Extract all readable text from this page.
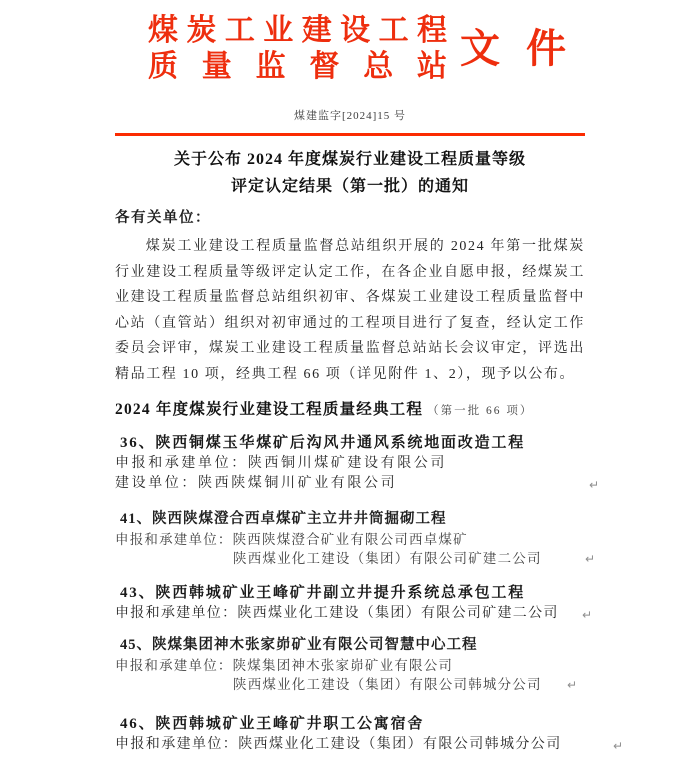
煤炭工业建设工程
质 量 监 督 总 站 文 件
煤建监字[2024]15 号
关于公布 2024 年度煤炭行业建设工程质量等级
评定认定结果（第一批）的通知
各有关单位：
煤炭工业建设工程质量监督总站组织开展的 2024 年第一批煤炭行业建设工程质量等级评定认定工作，在各企业自愿申报，经煤炭工业建设工程质量监督总站组织初审、各煤炭工业建设工程质量监督中心站（直管站）组织对初审通过的工程项目进行了复查，经认定工作委员会评审，煤炭工业建设工程质量监督总站站长会议审定，评选出精品工程 10 项，经典工程 66 项（详见附件 1、2），现予以公布。
2024 年度煤炭行业建设工程质量经典工程 （第一批 66 项）
36、陕西铜煤玉华煤矿后沟风井通风系统地面改造工程
申报和承建单位：陕西铜川煤矿建设有限公司
建设单位：陕西陕煤铜川矿业有限公司	↵
41、陕西陕煤澄合西卓煤矿主立井井筒掘砌工程
申报和承建单位：陕西陕煤澄合矿业有限公司西卓煤矿
陕西煤业化工建设（集团）有限公司矿建二公司	↵
43、陕西韩城矿业王峰矿井副立井提升系统总承包工程
申报和承建单位：陕西煤业化工建设（集团）有限公司矿建二公司	↵
45、陕煤集团神木张家峁矿业有限公司智慧中心工程
申报和承建单位：陕煤集团神木张家峁矿业有限公司
陕西煤业化工建设（集团）有限公司韩城分公司	↵
46、陕西韩城矿业王峰矿井职工公寓宿舍
申报和承建单位：陕西煤业化工建设（集团）有限公司韩城分公司	↵
